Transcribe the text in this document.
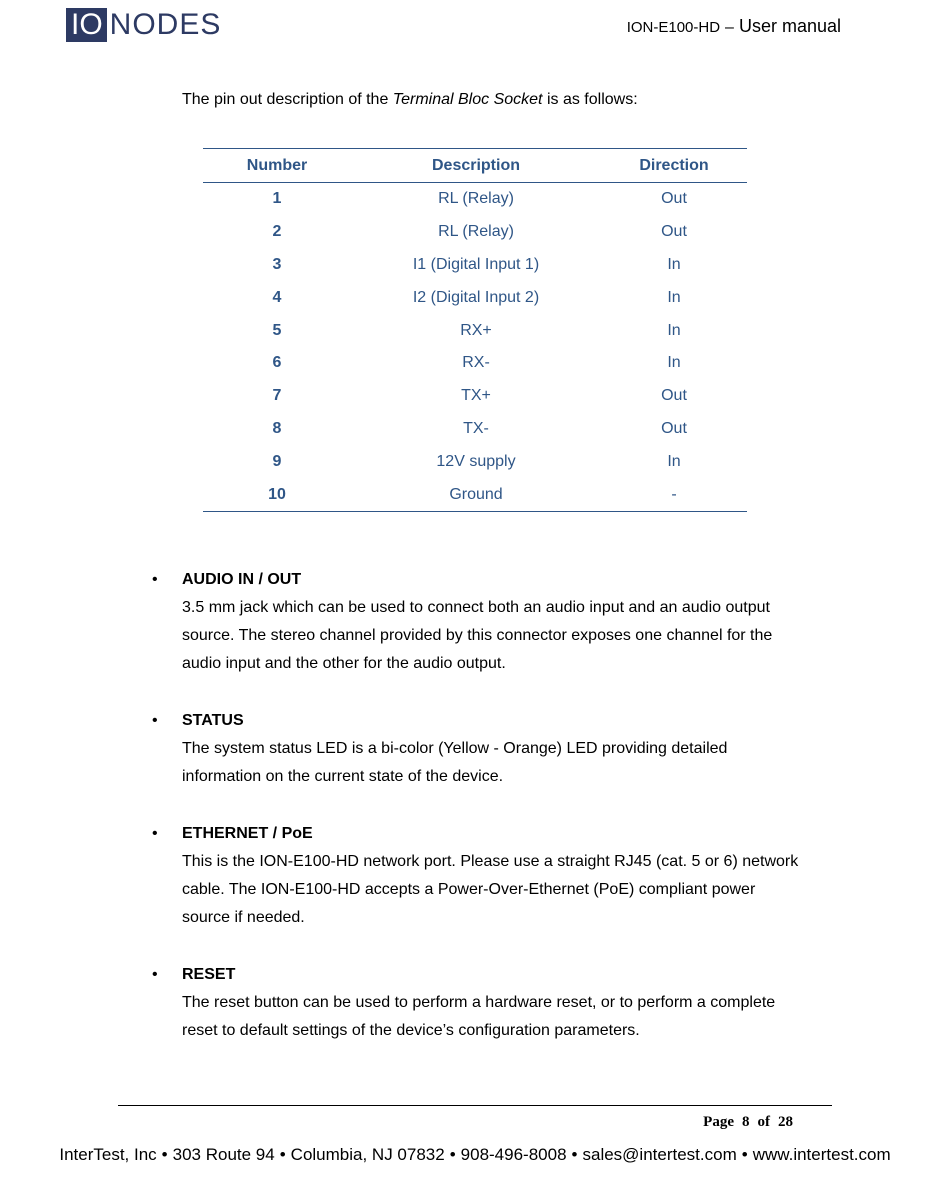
IO NODES	ION-E100-HD – User manual
The pin out description of the Terminal Bloc Socket is as follows:
Number	Description	Direction
1	RL (Relay)	Out
2	RL (Relay)	Out
3	I1 (Digital Input 1)	In
4	I2 (Digital Input 2)	In
5	RX+	In
6	RX-	In
7	TX+	Out
8	TX-	Out
9	12V supply	In
10	Ground	-
• AUDIO IN / OUT
3.5 mm jack which can be used to connect both an audio input and an audio output
source. The stereo channel provided by this connector exposes one channel for the
audio input and the other for the audio output.
• STATUS
The system status LED is a bi-color (Yellow - Orange) LED providing detailed
information on the current state of the device.
• ETHERNET / PoE
This is the ION-E100-HD network port. Please use a straight RJ45 (cat. 5 or 6) network
cable. The ION-E100-HD accepts a Power-Over-Ethernet (PoE) compliant power
source if needed.
• RESET
The reset button can be used to perform a hardware reset, or to perform a complete
reset to default settings of the device’s configuration parameters.
Page 8 of 28
InterTest, Inc • 303 Route 94 • Columbia, NJ 07832 • 908-496-8008 • sales@intertest.com • www.intertest.com
